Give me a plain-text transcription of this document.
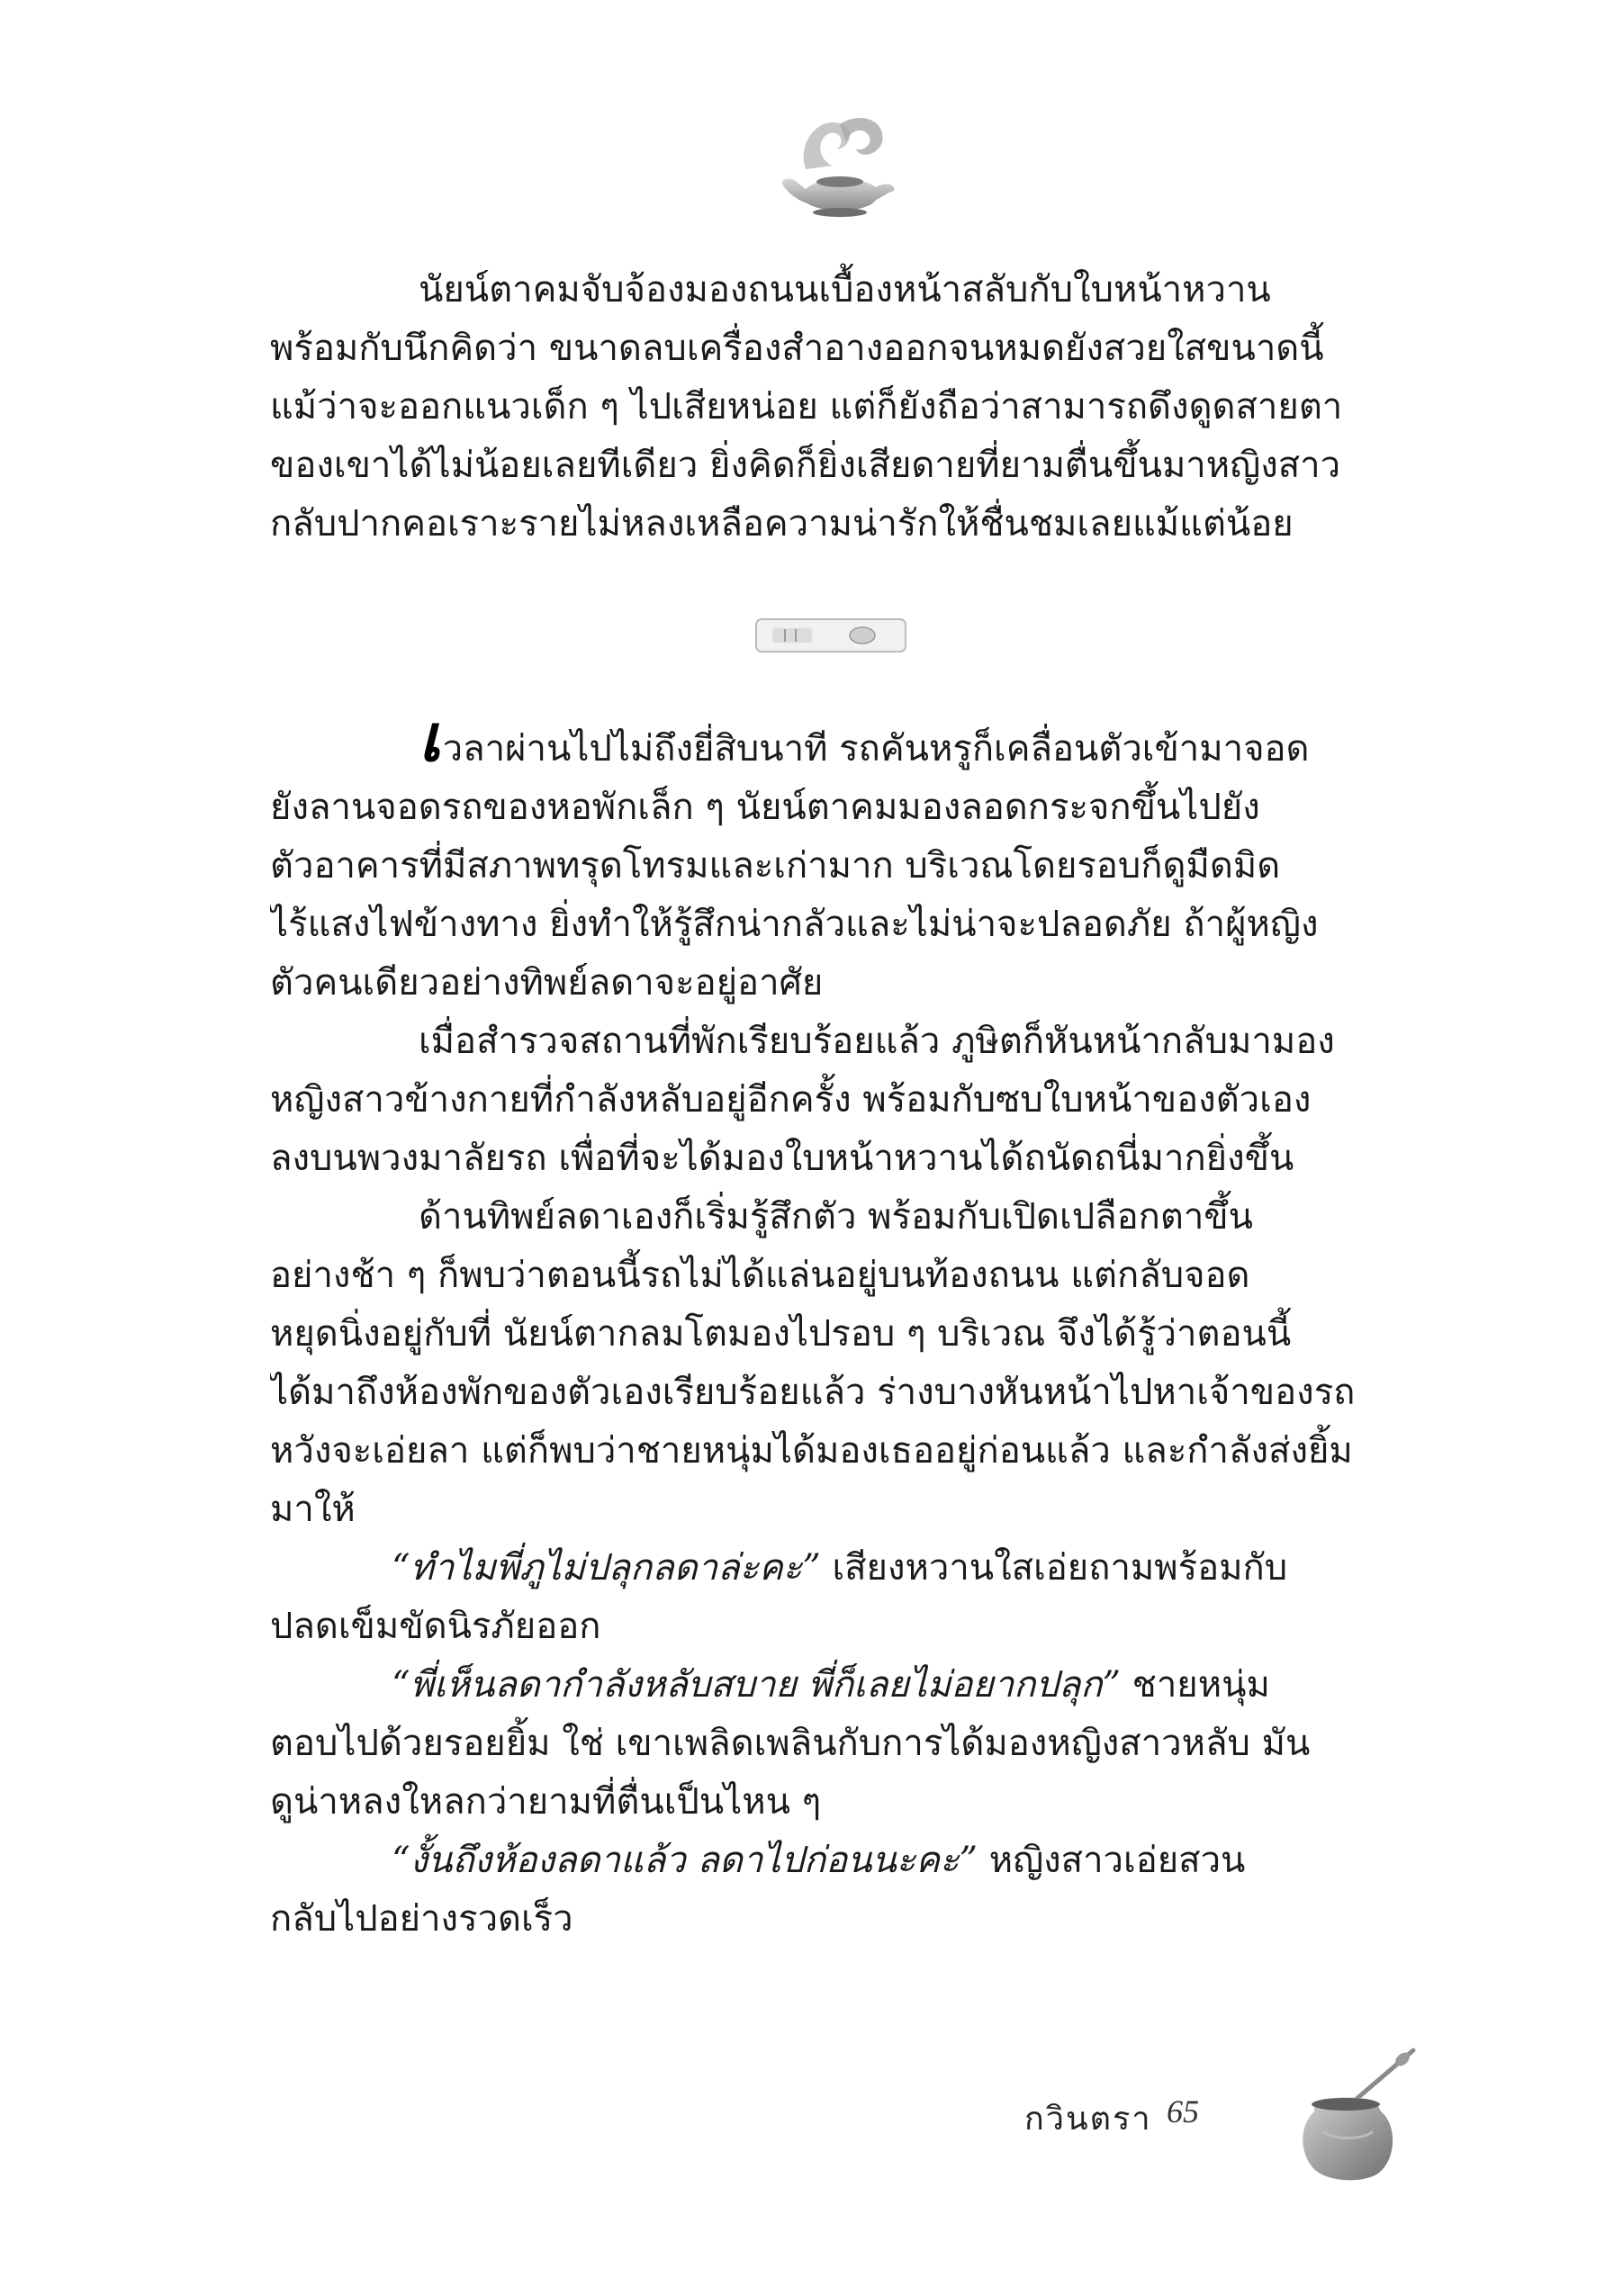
นัยน์ตาคมจับจ้องมองถนนเบื้องหน้าสลับกับใบหน้าหวาน
พร้อมกับนึกคิดว่า ขนาดลบเครื่องสำอางออกจนหมดยังสวยใสขนาดนี้
แม้ว่าจะออกแนวเด็ก ๆ ไปเสียหน่อย แต่ก็ยังถือว่าสามารถดึงดูดสายตา
ของเขาได้ไม่น้อยเลยทีเดียว ยิ่งคิดก็ยิ่งเสียดายที่ยามตื่นขึ้นมาหญิงสาว
กลับปากคอเราะรายไม่หลงเหลือความน่ารักให้ชื่นชมเลยแม้แต่น้อย
เวลาผ่านไปไม่ถึงยี่สิบนาที รถคันหรูก็เคลื่อนตัวเข้ามาจอด
ยังลานจอดรถของหอพักเล็ก ๆ นัยน์ตาคมมองลอดกระจกขึ้นไปยัง
ตัวอาคารที่มีสภาพทรุดโทรมและเก่ามาก บริเวณโดยรอบก็ดูมืดมิด
ไร้แสงไฟข้างทาง ยิ่งทำให้รู้สึกน่ากลัวและไม่น่าจะปลอดภัย ถ้าผู้หญิง
ตัวคนเดียวอย่างทิพย์ลดาจะอยู่อาศัย
เมื่อสำรวจสถานที่พักเรียบร้อยแล้ว ภูษิตก็หันหน้ากลับมามอง
หญิงสาวข้างกายที่กำลังหลับอยู่อีกครั้ง พร้อมกับซบใบหน้าของตัวเอง
ลงบนพวงมาลัยรถ เพื่อที่จะได้มองใบหน้าหวานได้ถนัดถนี่มากยิ่งขึ้น
ด้านทิพย์ลดาเองก็เริ่มรู้สึกตัว พร้อมกับเปิดเปลือกตาขึ้น
อย่างช้า ๆ ก็พบว่าตอนนี้รถไม่ได้แล่นอยู่บนท้องถนน แต่กลับจอด
หยุดนิ่งอยู่กับที่ นัยน์ตากลมโตมองไปรอบ ๆ บริเวณ จึงได้รู้ว่าตอนนี้
ได้มาถึงห้องพักของตัวเองเรียบร้อยแล้ว ร่างบางหันหน้าไปหาเจ้าของรถ
หวังจะเอ่ยลา แต่ก็พบว่าชายหนุ่มได้มองเธออยู่ก่อนแล้ว และกำลังส่งยิ้ม
มาให้
“ทำไมพี่ภูไม่ปลุกลดาล่ะคะ” เสียงหวานใสเอ่ยถามพร้อมกับ
ปลดเข็มขัดนิรภัยออก
“พี่เห็นลดากำลังหลับสบาย พี่ก็เลยไม่อยากปลุก” ชายหนุ่ม
ตอบไปด้วยรอยยิ้ม ใช่ เขาเพลิดเพลินกับการได้มองหญิงสาวหลับ มัน
ดูน่าหลงใหลกว่ายามที่ตื่นเป็นไหน ๆ
“งั้นถึงห้องลดาแล้ว ลดาไปก่อนนะคะ” หญิงสาวเอ่ยสวน
กลับไปอย่างรวดเร็ว
กวินตรา 65
